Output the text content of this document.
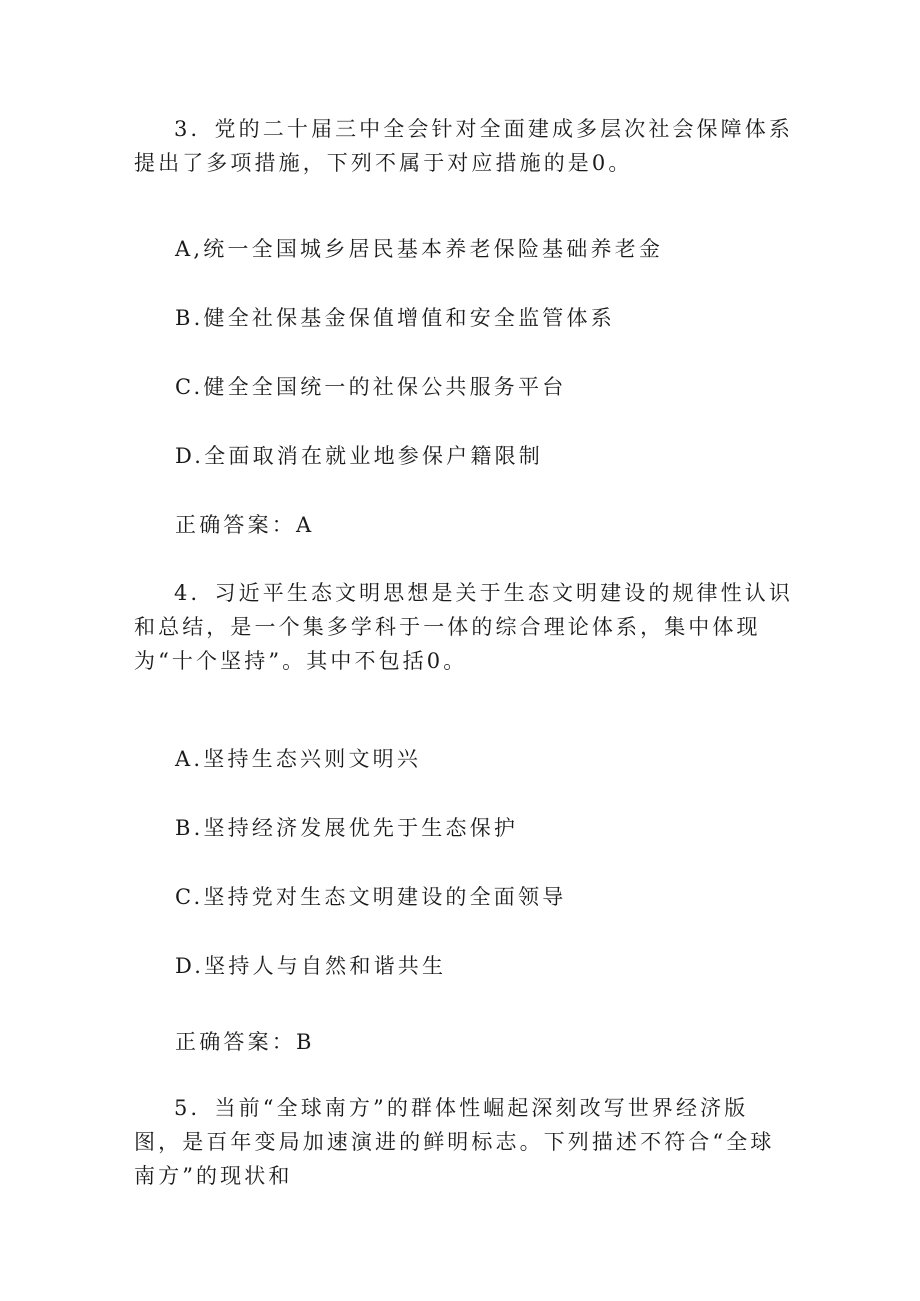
3．党的二十届三中全会针对全面建成多层次社会保障体系提出了多项措施，下列不属于对应措施的是0。
A,统一全国城乡居民基本养老保险基础养老金
B.健全社保基金保值增值和安全监管体系
C.健全全国统一的社保公共服务平台
D.全面取消在就业地参保户籍限制
正确答案：A
4．习近平生态文明思想是关于生态文明建设的规律性认识和总结，是一个集多学科于一体的综合理论体系，集中体现为“十个坚持”。其中不包括0。
A.坚持生态兴则文明兴
B.坚持经济发展优先于生态保护
C.坚持党对生态文明建设的全面领导
D.坚持人与自然和谐共生
正确答案：B
5．当前“全球南方”的群体性崛起深刻改写世界经济版图，是百年变局加速演进的鲜明标志。下列描述不符合“全球南方”的现状和
